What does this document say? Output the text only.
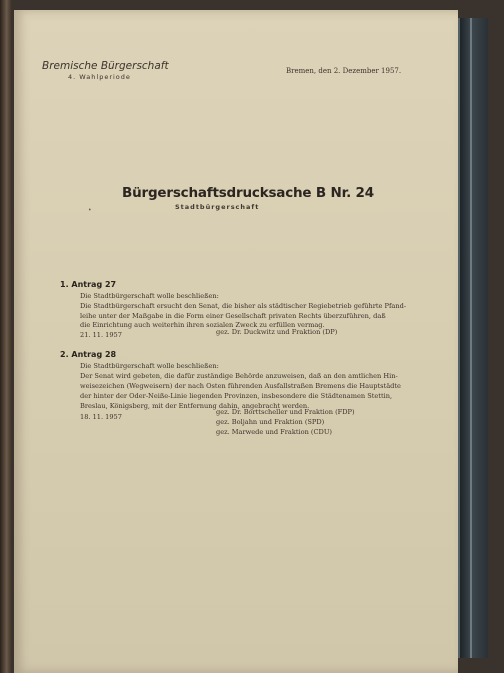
Bremische Bürgerschaft
4. Wahlperiode
Bremen, den 2. Dezember 1957.
Bürgerschaftsdrucksache B Nr. 24
Stadtbürgerschaft
•
1. Antrag 27
Die Stadtbürgerschaft wolle beschließen:
Die Stadtbürgerschaft ersucht den Senat, die bisher als städtischer Regiebetrieb geführte Pfand-
leihe unter der Maßgabe in die Form einer Gesellschaft privaten Rechts überzuführen, daß
die Einrichtung auch weiterhin ihren sozialen Zweck zu erfüllen vermag.
21. 11. 1957	gez. Dr. Duckwitz und Fraktion (DP)
2. Antrag 28
Die Stadtbürgerschaft wolle beschließen:
Der Senat wird gebeten, die dafür zuständige Behörde anzuweisen, daß an den amtlichen Hin-
weisezeichen (Wegweisern) der nach Osten führenden Ausfallstraßen Bremens die Hauptstädte
der hinter der Oder-Neiße-Linie liegenden Provinzen, insbesondere die Städtenamen Stettin,
Breslau, Königsberg, mit der Entfernung dahin, angebracht werden.
18. 11. 1957
gez. Dr. Borttscheller und Fraktion (FDP)
gez. Boljahn und Fraktion (SPD)
gez. Marwede und Fraktion (CDU)
